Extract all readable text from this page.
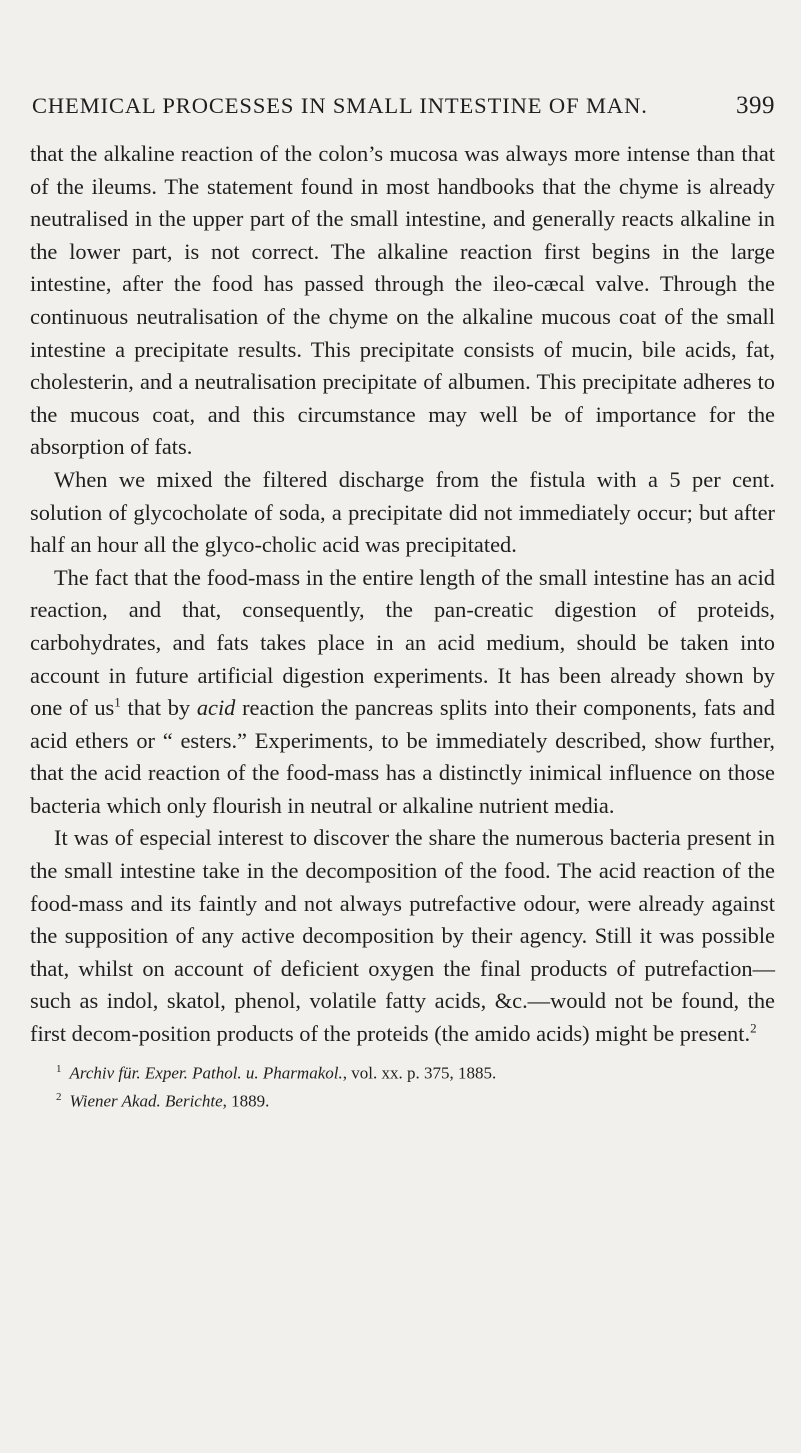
CHEMICAL PROCESSES IN SMALL INTESTINE OF MAN.	399

that the alkaline reaction of the colon’s mucosa was always more intense than that of the ileums. The statement found in most handbooks that the chyme is already neutralised in the upper part of the small intestine, and generally reacts alkaline in the lower part, is not correct. The alkaline reaction first begins in the large intestine, after the food has passed through the ileo-cæcal valve. Through the continuous neutralisation of the chyme on the alkaline mucous coat of the small intestine a precipitate results. This precipitate consists of mucin, bile acids, fat, cholesterin, and a neutralisation precipitate of albumen. This precipitate adheres to the mucous coat, and this circumstance may well be of importance for the absorption of fats.

When we mixed the filtered discharge from the fistula with a 5 per cent. solution of glycocholate of soda, a precipitate did not immediately occur; but after half an hour all the glyco-cholic acid was precipitated.

The fact that the food-mass in the entire length of the small intestine has an acid reaction, and that, consequently, the pan-creatic digestion of proteids, carbohydrates, and fats takes place in an acid medium, should be taken into account in future artificial digestion experiments. It has been already shown by one of us$^1$ that by acid reaction the pancreas splits into their components, fats and acid ethers or “ esters.” Experiments, to be immediately described, show further, that the acid reaction of the food-mass has a distinctly inimical influence on those bacteria which only flourish in neutral or alkaline nutrient media.

It was of especial interest to discover the share the numerous bacteria present in the small intestine take in the decomposition of the food. The acid reaction of the food-mass and its faintly and not always putrefactive odour, were already against the supposition of any active decomposition by their agency. Still it was possible that, whilst on account of deficient oxygen the final products of putrefaction—such as indol, skatol, phenol, volatile fatty acids, &c.—would not be found, the first decom-position products of the proteids (the amido acids) might be present.$^2$

$^1$ Archiv für. Exper. Pathol. u. Pharmakol., vol. xx. p. 375, 1885.
$^2$ Wiener Akad. Berichte, 1889.
